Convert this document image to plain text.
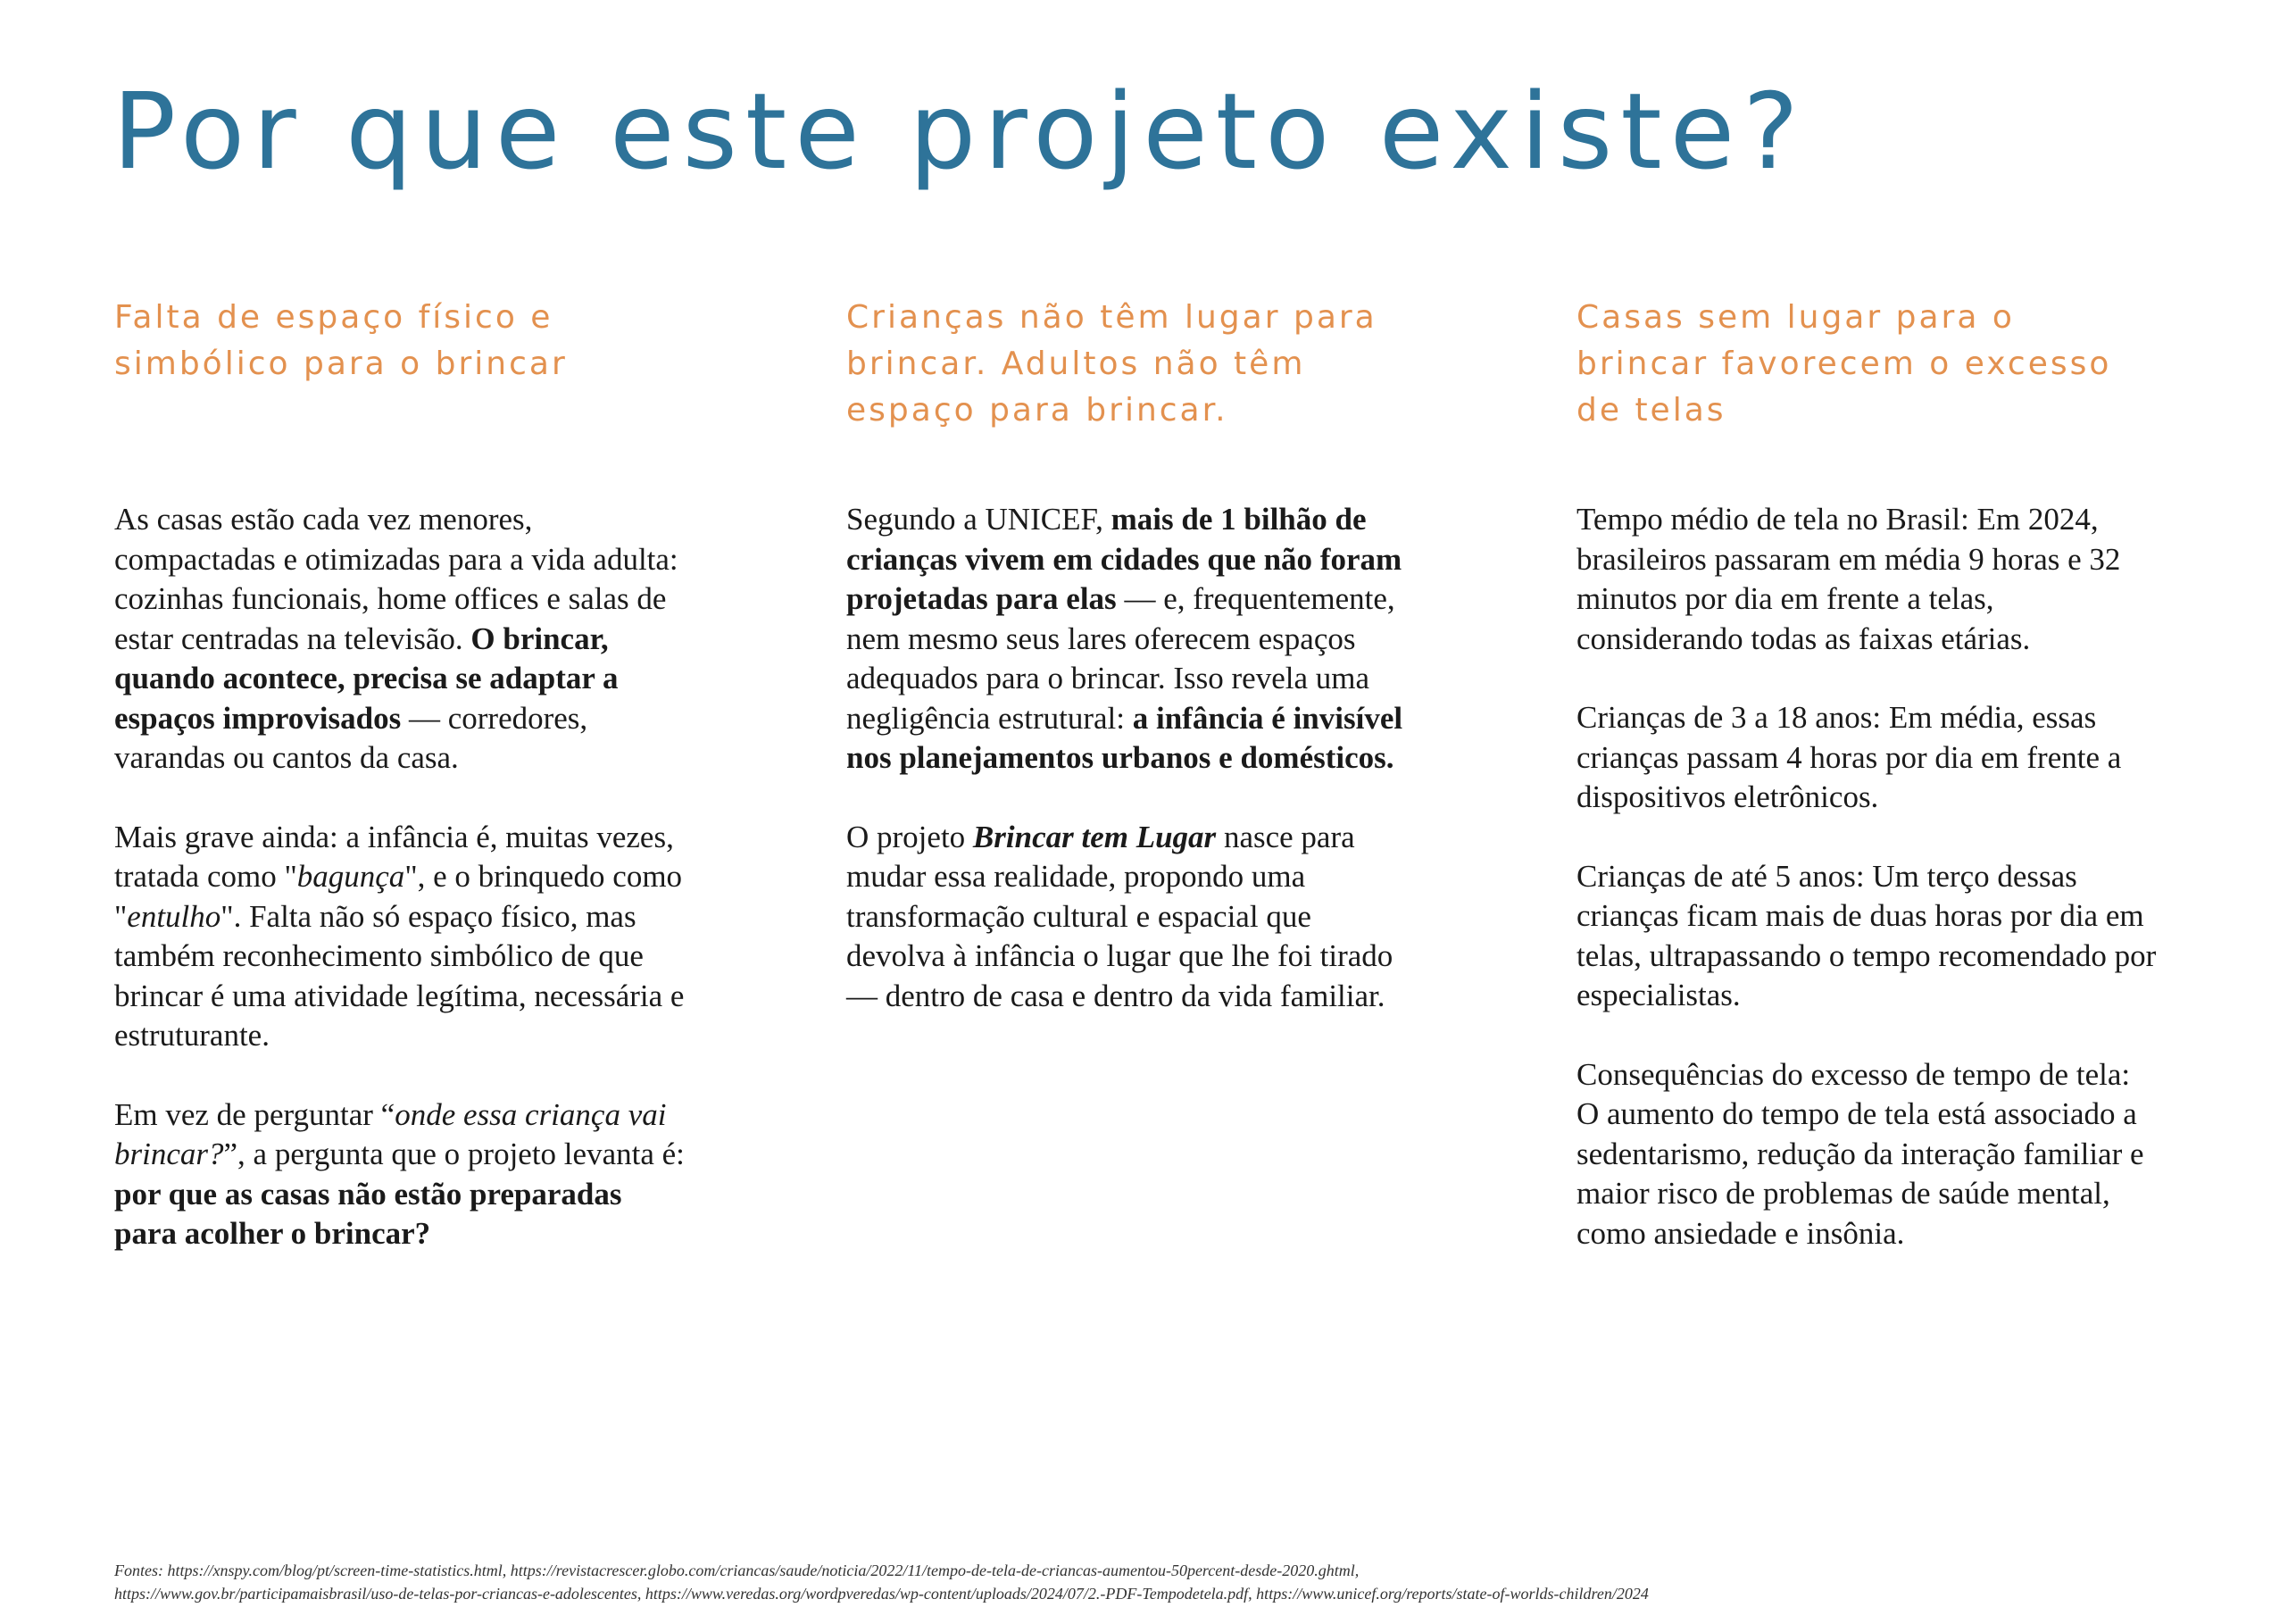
Por que este projeto existe?
Falta de espaço físico e simbólico para o brincar

As casas estão cada vez menores, compactadas e otimizadas para a vida adulta: cozinhas funcionais, home offices e salas de estar centradas na televisão. O brincar, quando acontece, precisa se adaptar a espaços improvisados — corredores, varandas ou cantos da casa.

Mais grave ainda: a infância é, muitas vezes, tratada como "bagunça", e o brinquedo como "entulho". Falta não só espaço físico, mas também reconhecimento simbólico de que brincar é uma atividade legítima, necessária e estruturante.

Em vez de perguntar “onde essa criança vai brincar?”, a pergunta que o projeto levanta é: por que as casas não estão preparadas para acolher o brincar?

Crianças não têm lugar para brincar. Adultos não têm espaço para brincar.

Segundo a UNICEF, mais de 1 bilhão de crianças vivem em cidades que não foram projetadas para elas — e, frequentemente, nem mesmo seus lares oferecem espaços adequados para o brincar. Isso revela uma negligência estrutural: a infância é invisível nos planejamentos urbanos e domésticos.

O projeto Brincar tem Lugar nasce para mudar essa realidade, propondo uma transformação cultural e espacial que devolva à infância o lugar que lhe foi tirado — dentro de casa e dentro da vida familiar.

Casas sem lugar para o brincar favorecem o excesso de telas

Tempo médio de tela no Brasil: Em 2024, brasileiros passaram em média 9 horas e 32 minutos por dia em frente a telas, considerando todas as faixas etárias.

Crianças de 3 a 18 anos: Em média, essas crianças passam 4 horas por dia em frente a dispositivos eletrônicos.

Crianças de até 5 anos: Um terço dessas crianças ficam mais de duas horas por dia em telas, ultrapassando o tempo recomendado por especialistas.

Consequências do excesso de tempo de tela: O aumento do tempo de tela está associado a sedentarismo, redução da interação familiar e maior risco de problemas de saúde mental, como ansiedade e insônia.

Fontes: https://xnspy.com/blog/pt/screen-time-statistics.html, https://revistacrescer.globo.com/criancas/saude/noticia/2022/11/tempo-de-tela-de-criancas-aumentou-50percent-desde-2020.ghtml,
https://www.gov.br/participamaisbrasil/uso-de-telas-por-criancas-e-adolescentes, https://www.veredas.org/wordpveredas/wp-content/uploads/2024/07/2.-PDF-Tempodetela.pdf, https://www.unicef.org/reports/state-of-worlds-children/2024
